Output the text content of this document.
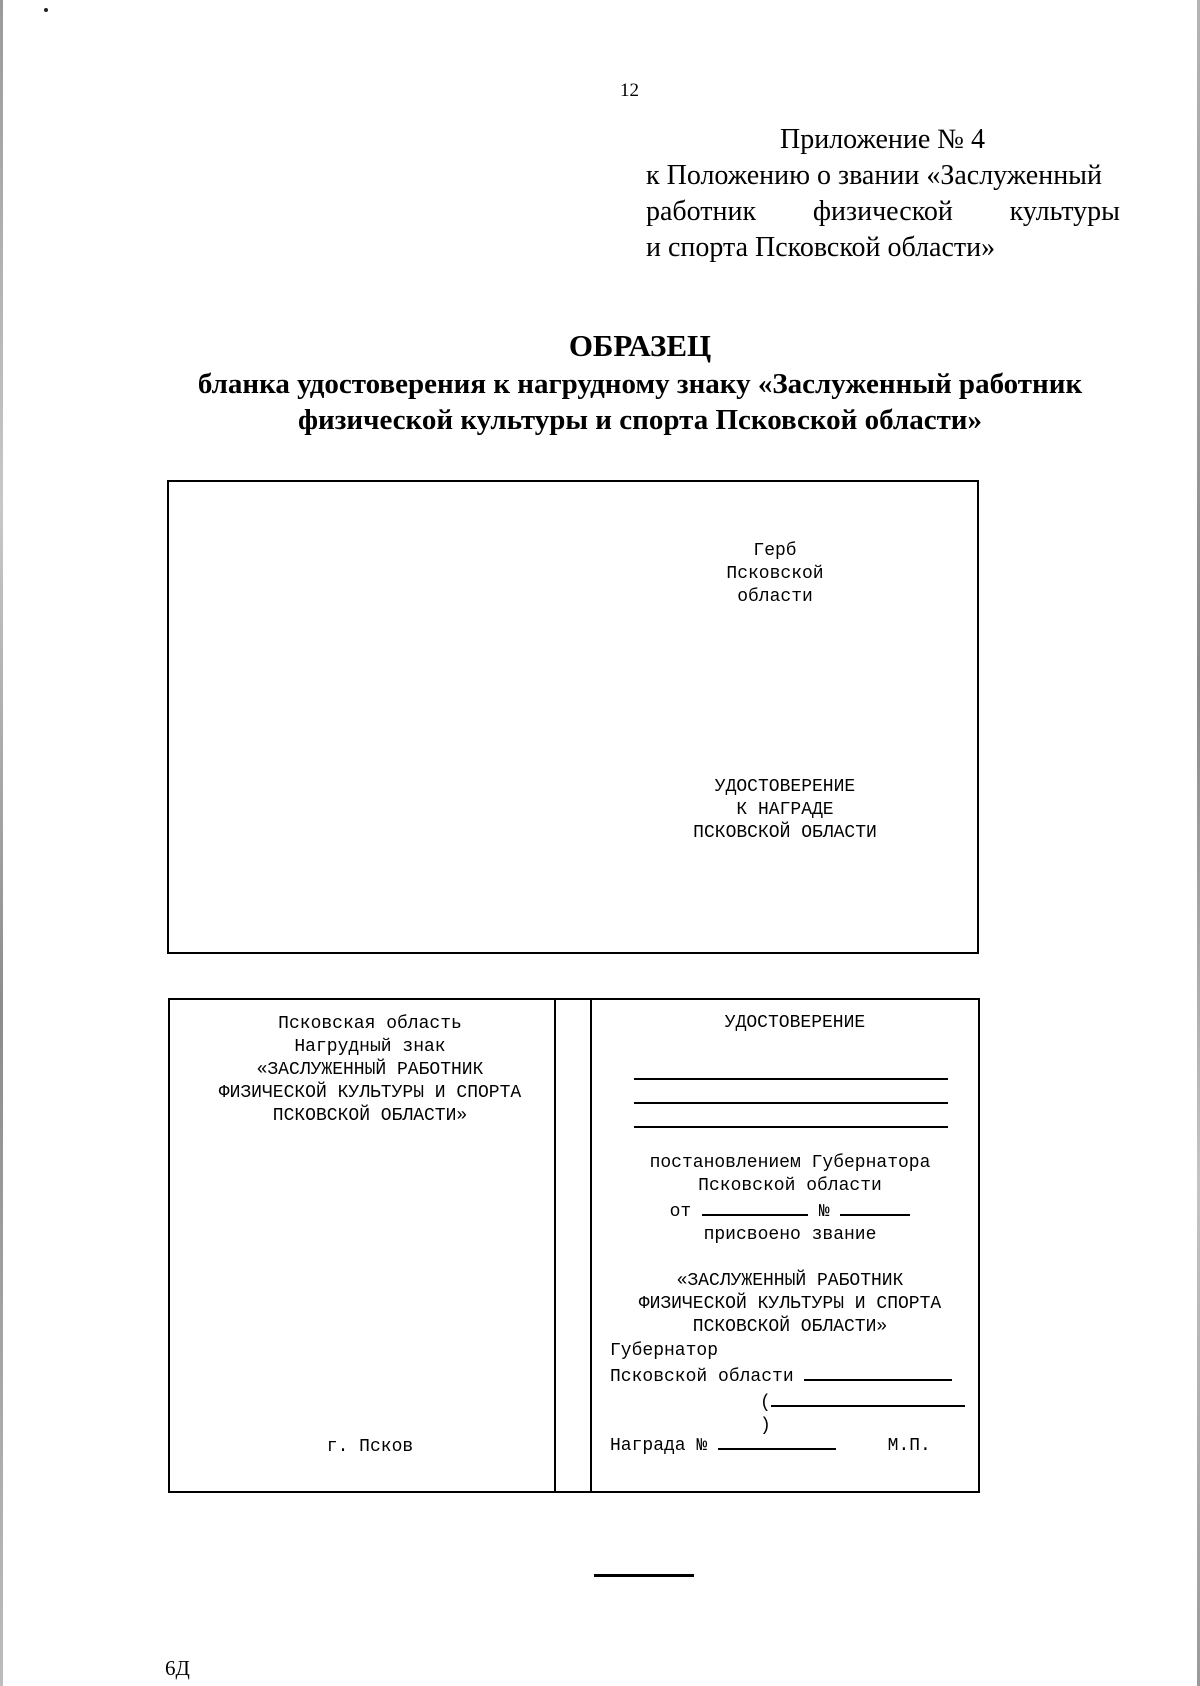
12
Приложение № 4
к Положению о звании «Заслуженный
работник физической культуры
и спорта Псковской области»
ОБРАЗЕЦ
бланка удостоверения к нагрудному знаку «Заслуженный работник
физической культуры и спорта Псковской области»
Герб
Псковской
области
УДОСТОВЕРЕНИЕ
К НАГРАДЕ
ПСКОВСКОЙ ОБЛАСТИ
Псковская область
Нагрудный знак
«ЗАСЛУЖЕННЫЙ РАБОТНИК
ФИЗИЧЕСКОЙ КУЛЬТУРЫ И СПОРТА
ПСКОВСКОЙ ОБЛАСТИ»
г. Псков
УДОСТОВЕРЕНИЕ
постановлением Губернатора
Псковской области
от	№
присвоено звание
«ЗАСЛУЖЕННЫЙ РАБОТНИК
ФИЗИЧЕСКОЙ КУЛЬТУРЫ И СПОРТА
ПСКОВСКОЙ ОБЛАСТИ»
Губернатор
Псковской области
()
Награда №	М.П.
6Д
